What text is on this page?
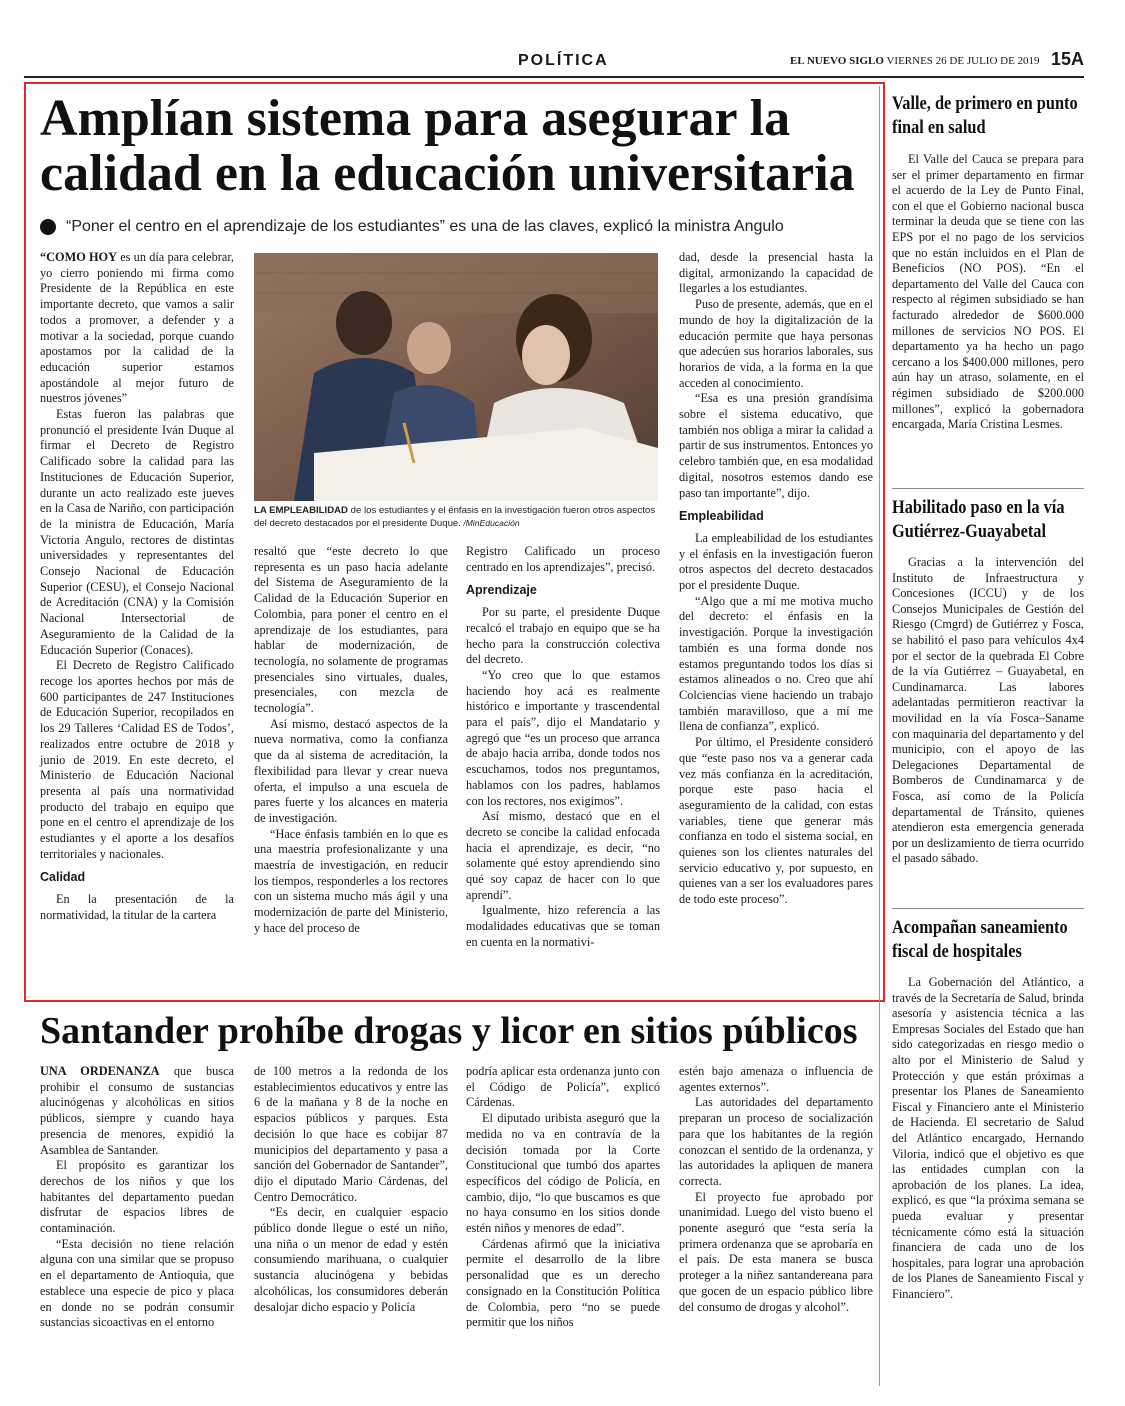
POLÍTICA	EL NUEVO SIGLO VIERNES 26 DE JULIO DE 2019 15A
Amplían sistema para asegurar la calidad en la educación universitaria
“Poner el centro en el aprendizaje de los estudiantes” es una de las claves, explicó la ministra Angulo

“COMO HOY es un día para celebrar, yo cierro poniendo mi firma como Presidente de la República en este importante decreto, que vamos a salir todos a promover, a defender y a motivar a la sociedad, porque cuando apostamos por la calidad de la educación superior estamos apostándole al mejor futuro de nuestros jóvenes”

Estas fueron las palabras que pronunció el presidente Iván Duque al firmar el Decreto de Registro Calificado sobre la calidad para las Instituciones de Educación Superior, durante un acto realizado este jueves en la Casa de Nariño, con participación de la ministra de Educación, María Victoria Angulo, rectores de distintas universidades y representantes del Consejo Nacional de Educación Superior (CESU), el Consejo Nacional de Acreditación (CNA) y la Comisión Nacional Intersectorial de Aseguramiento de la Calidad de la Educación Superior (Conaces).

El Decreto de Registro Calificado recoge los aportes hechos por más de 600 participantes de 247 Instituciones de Educación Superior, recopilados en los 29 Talleres ‘Calidad ES de Todos’, realizados entre octubre de 2018 y junio de 2019. En este decreto, el Ministerio de Educación Nacional presenta al país una normatividad producto del trabajo en equipo que pone en el centro el aprendizaje de los estudiantes y el aporte a los desafíos territoriales y nacionales.

Calidad

En la presentación de la normatividad, la titular de la cartera

LA EMPLEABILIDAD de los estudiantes y el énfasis en la investigación fueron otros aspectos del decreto destacados por el presidente Duque. /MinEducación

resaltó que “este decreto lo que representa es un paso hacia adelante del Sistema de Aseguramiento de la Calidad de la Educación Superior en Colombia, para poner el centro en el aprendizaje de los estudiantes, para hablar de modernización, de tecnología, no solamente de programas presenciales sino virtuales, duales, presenciales, con mezcla de tecnología”.

Así mismo, destacó aspectos de la nueva normativa, como la confianza que da al sistema de acreditación, la flexibilidad para llevar y crear nueva oferta, el impulso a una escuela de pares fuerte y los alcances en materia de investigación.

“Hace énfasis también en lo que es una maestría profesionalizante y una maestría de investigación, en reducir los tiempos, responderles a los rectores con un sistema mucho más ágil y una modernización de parte del Ministerio, y hace del proceso de

Registro Calificado un proceso centrado en los aprendizajes”, precisó.

Aprendizaje

Por su parte, el presidente Duque recalcó el trabajo en equipo que se ha hecho para la construcción colectiva del decreto.

“Yo creo que lo que estamos haciendo hoy acá es realmente histórico e importante y trascendental para el país”, dijo el Mandatario y agregó que “es un proceso que arranca de abajo hacia arriba, donde todos nos escuchamos, todos nos preguntamos, hablamos con los padres, hablamos con los rectores, nos exigimos”.

Así mismo, destacó que en el decreto se concibe la calidad enfocada hacia el aprendizaje, es decir, “no solamente qué estoy aprendiendo sino qué soy capaz de hacer con lo que aprendí”.

Igualmente, hizo referencia a las modalidades educativas que se toman en cuenta en la normativi-

dad, desde la presencial hasta la digital, armonizando la capacidad de llegarles a los estudiantes.

Puso de presente, además, que en el mundo de hoy la digitalización de la educación permite que haya personas que adecúen sus horarios laborales, sus horarios de vida, a la forma en la que acceden al conocimiento.

“Esa es una presión grandísima sobre el sistema educativo, que también nos obliga a mirar la calidad a partir de sus instrumentos. Entonces yo celebro también que, en esa modalidad digital, nosotros estemos dando ese paso tan importante”, dijo.

Empleabilidad

La empleabilidad de los estudiantes y el énfasis en la investigación fueron otros aspectos del decreto destacados por el presidente Duque.

“Algo que a mí me motiva mucho del decreto: el énfasis en la investigación. Porque la investigación también es una forma donde nos estamos preguntando todos los días si estamos alineados o no. Creo que ahí Colciencias viene haciendo un trabajo también maravilloso, que a mí me llena de confianza”, explicó.

Por último, el Presidente consideró que “este paso nos va a generar cada vez más confianza en la acreditación, porque este paso hacia el aseguramiento de la calidad, con estas variables, tiene que generar más confianza en todo el sistema social, en quienes son los clientes naturales del servicio educativo y, por supuesto, en quienes van a ser los evaluadores pares de todo este proceso”.

Santander prohíbe drogas y licor en sitios públicos

UNA ORDENANZA que busca prohibir el consumo de sustancias alucinógenas y alcohólicas en sitios públicos, siempre y cuando haya presencia de menores, expidió la Asamblea de Santander.

El propósito es garantizar los derechos de los niños y que los habitantes del departamento puedan disfrutar de espacios libres de contaminación.

“Esta decisión no tiene relación alguna con una similar que se propuso en el departamento de Antioquia, que establece una especie de pico y placa en donde no se podrán consumir sustancias sicoactivas en el entorno

de 100 metros a la redonda de los establecimientos educativos y entre las 6 de la mañana y 8 de la noche en espacios públicos y parques. Esta decisión lo que hace es cobijar 87 municipios del departamento y pasa a sanción del Gobernador de Santander”, dijo el diputado Mario Cárdenas, del Centro Democrático.

“Es decir, en cualquier espacio público donde llegue o esté un niño, una niña o un menor de edad y estén consumiendo marihuana, o cualquier sustancia alucinógena y bebidas alcohólicas, los consumidores deberán desalojar dicho espacio y Policía

podría aplicar esta ordenanza junto con el Código de Policía”, explicó Cárdenas.

El diputado uribista aseguró que la medida no va en contravía de la decisión tomada por la Corte Constitucional que tumbó dos apartes específicos del código de Policía, en cambio, dijo, “lo que buscamos es que no haya consumo en los sitios donde estén niños y menores de edad”.

Cárdenas afirmó que la iniciativa permite el desarrollo de la libre personalidad que es un derecho consignado en la Constitución Política de Colombia, pero “no se puede permitir que los niños

estén bajo amenaza o influencia de agentes externos”.

Las autoridades del departamento preparan un proceso de socialización para que los habitantes de la región conozcan el sentido de la ordenanza, y las autoridades la apliquen de manera correcta.

El proyecto fue aprobado por unanimidad. Luego del visto bueno el ponente aseguró que “esta sería la primera ordenanza que se aprobaría en el país. De esta manera se busca proteger a la niñez santandereana para que gocen de un espacio público libre del consumo de drogas y alcohol”.

Valle, de primero en punto final en salud

El Valle del Cauca se prepara para ser el primer departamento en firmar el acuerdo de la Ley de Punto Final, con el que el Gobierno nacional busca terminar la deuda que se tiene con las EPS por el no pago de los servicios que no están incluidos en el Plan de Beneficios (NO POS). “En el departamento del Valle del Cauca con respecto al régimen subsidiado se han facturado alrededor de $600.000 millones de servicios NO POS. El departamento ya ha hecho un pago cercano a los $400.000 millones, pero aún hay un atraso, solamente, en el régimen subsidiado de $200.000 millones”, explicó la gobernadora encargada, María Cristina Lesmes.

Habilitado paso en la vía Gutiérrez-Guayabetal

Gracias a la intervención del Instituto de Infraestructura y Concesiones (ICCU) y de los Consejos Municipales de Gestión del Riesgo (Cmgrd) de Gutiérrez y Fosca, se habilitó el paso para vehículos 4x4 por el sector de la quebrada El Cobre de la vía Gutiérrez – Guayabetal, en Cundinamarca. Las labores adelantadas permitieron reactivar la movilidad en la vía Fosca–Saname con maquinaria del departamento y del municipio, con el apoyo de las Delegaciones Departamental de Bomberos de Cundinamarca y de Fosca, así como de la Policía departamental de Tránsito, quienes atendieron esta emergencia generada por un deslizamiento de tierra ocurrido el pasado sábado.

Acompañan saneamiento fiscal de hospitales

La Gobernación del Atlántico, a través de la Secretaría de Salud, brinda asesoría y asistencia técnica a las Empresas Sociales del Estado que han sido categorizadas en riesgo medio o alto por el Ministerio de Salud y Protección y que están próximas a presentar los Planes de Saneamiento Fiscal y Financiero ante el Ministerio de Hacienda. El secretario de Salud del Atlántico encargado, Hernando Viloria, indicó que el objetivo es que las entidades cumplan con la aprobación de los planes. La idea, explicó, es que “la próxima semana se pueda evaluar y presentar técnicamente cómo está la situación financiera de cada uno de los hospitales, para lograr una aprobación de los Planes de Saneamiento Fiscal y Financiero”.
